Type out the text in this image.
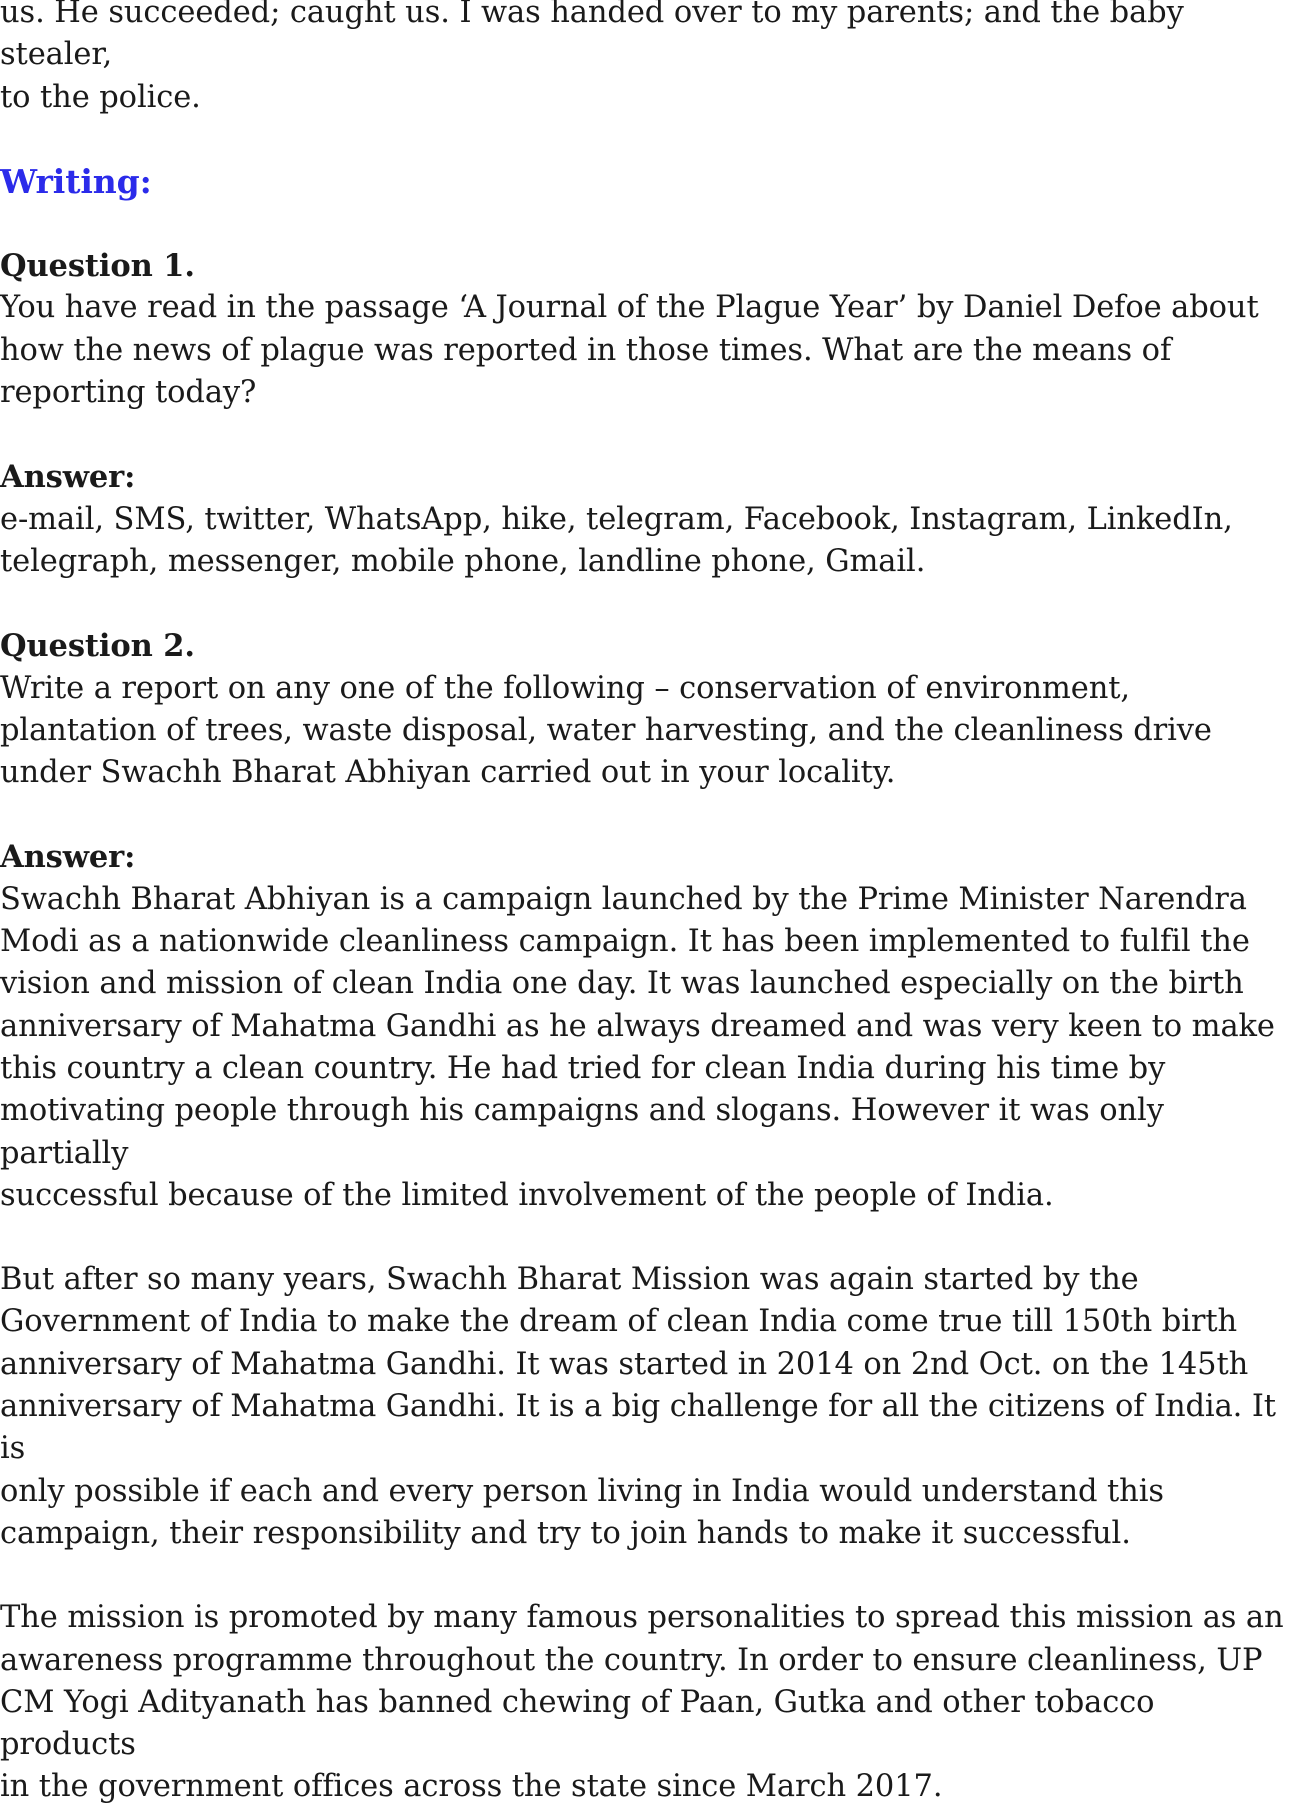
us. He succeeded; caught us. I was handed over to my parents; and the baby stealer,
to the police.

Writing:

Question 1.

You have read in the passage ‘A Journal of the Plague Year’ by Daniel Defoe about
how the news of plague was reported in those times. What are the means of
reporting today?

Answer:

e-mail, SMS, twitter, WhatsApp, hike, telegram, Facebook, Instagram, LinkedIn,
telegraph, messenger, mobile phone, landline phone, Gmail.

Question 2.

Write a report on any one of the following – conservation of environment,
plantation of trees, waste disposal, water harvesting, and the cleanliness drive
under Swachh Bharat Abhiyan carried out in your locality.

Answer:

Swachh Bharat Abhiyan is a campaign launched by the Prime Minister Narendra
Modi as a nationwide cleanliness campaign. It has been implemented to fulfil the
vision and mission of clean India one day. It was launched especially on the birth
anniversary of Mahatma Gandhi as he always dreamed and was very keen to make
this country a clean country. He had tried for clean India during his time by
motivating people through his campaigns and slogans. However it was only partially
successful because of the limited involvement of the people of India.

But after so many years, Swachh Bharat Mission was again started by the
Government of India to make the dream of clean India come true till 150th birth
anniversary of Mahatma Gandhi. It was started in 2014 on 2nd Oct. on the 145th
anniversary of Mahatma Gandhi. It is a big challenge for all the citizens of India. It is
only possible if each and every person living in India would understand this
campaign, their responsibility and try to join hands to make it successful.

The mission is promoted by many famous personalities to spread this mission as an
awareness programme throughout the country. In order to ensure cleanliness, UP
CM Yogi Adityanath has banned chewing of Paan, Gutka and other tobacco products
in the government offices across the state since March 2017.
